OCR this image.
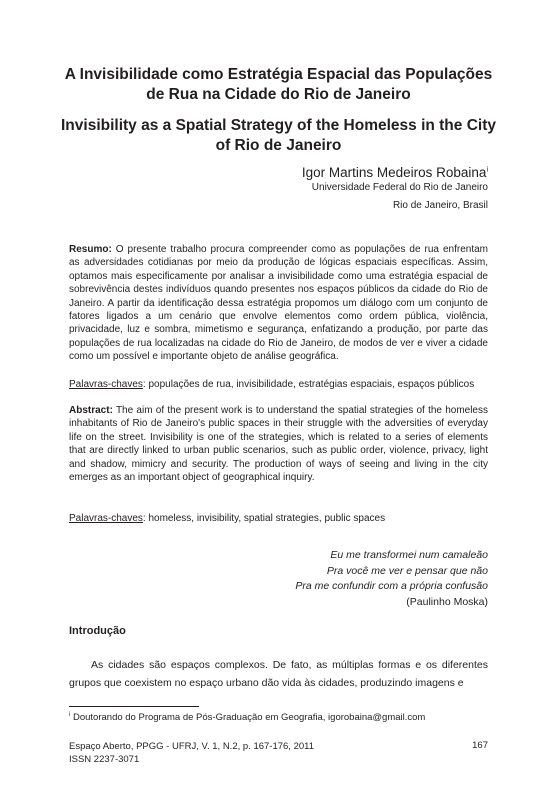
A Invisibilidade como Estratégia Espacial das Populações de Rua na Cidade do Rio de Janeiro
Invisibility as a Spatial Strategy of the Homeless in the City of Rio de Janeiro
Igor Martins Medeiros Robaina$^i$
Universidade Federal do Rio de Janeiro
Rio de Janeiro, Brasil
Resumo: O presente trabalho procura compreender como as populações de rua enfrentam as adversidades cotidianas por meio da produção de lógicas espaciais específicas. Assim, optamos mais especificamente por analisar a invisibilidade como uma estratégia espacial de sobrevivência destes indivíduos quando presentes nos espaços públicos da cidade do Rio de Janeiro. A partir da identificação dessa estratégia propomos um diálogo com um conjunto de fatores ligados a um cenário que envolve elementos como ordem pública, violência, privacidade, luz e sombra, mimetismo e segurança, enfatizando a produção, por parte das populações de rua localizadas na cidade do Rio de Janeiro, de modos de ver e viver a cidade como um possível e importante objeto de análise geográfica.
Palavras-chaves: populações de rua, invisibilidade, estratégias espaciais, espaços públicos
Abstract: The aim of the present work is to understand the spatial strategies of the homeless inhabitants of Rio de Janeiro's public spaces in their struggle with the adversities of everyday life on the street. Invisibility is one of the strategies, which is related to a series of elements that are directly linked to urban public scenarios, such as public order, violence, privacy, light and shadow, mimicry and security. The production of ways of seeing and living in the city emerges as an important object of geographical inquiry.
Palavras-chaves: homeless, invisibility, spatial strategies, public spaces
Eu me transformei num camaleão
Pra você me ver e pensar que não
Pra me confundir com a própria confusão
(Paulinho Moska)
Introdução
As cidades são espaços complexos. De fato, as múltiplas formas e os diferentes grupos que coexistem no espaço urbano dão vida às cidades, produzindo imagens e
$^i$ Doutorando do Programa de Pós-Graduação em Geografia, igorobaina@gmail.com
Espaço Aberto, PPGG - UFRJ, V. 1, N.2, p. 167-176, 2011
ISSN 2237-3071
167
